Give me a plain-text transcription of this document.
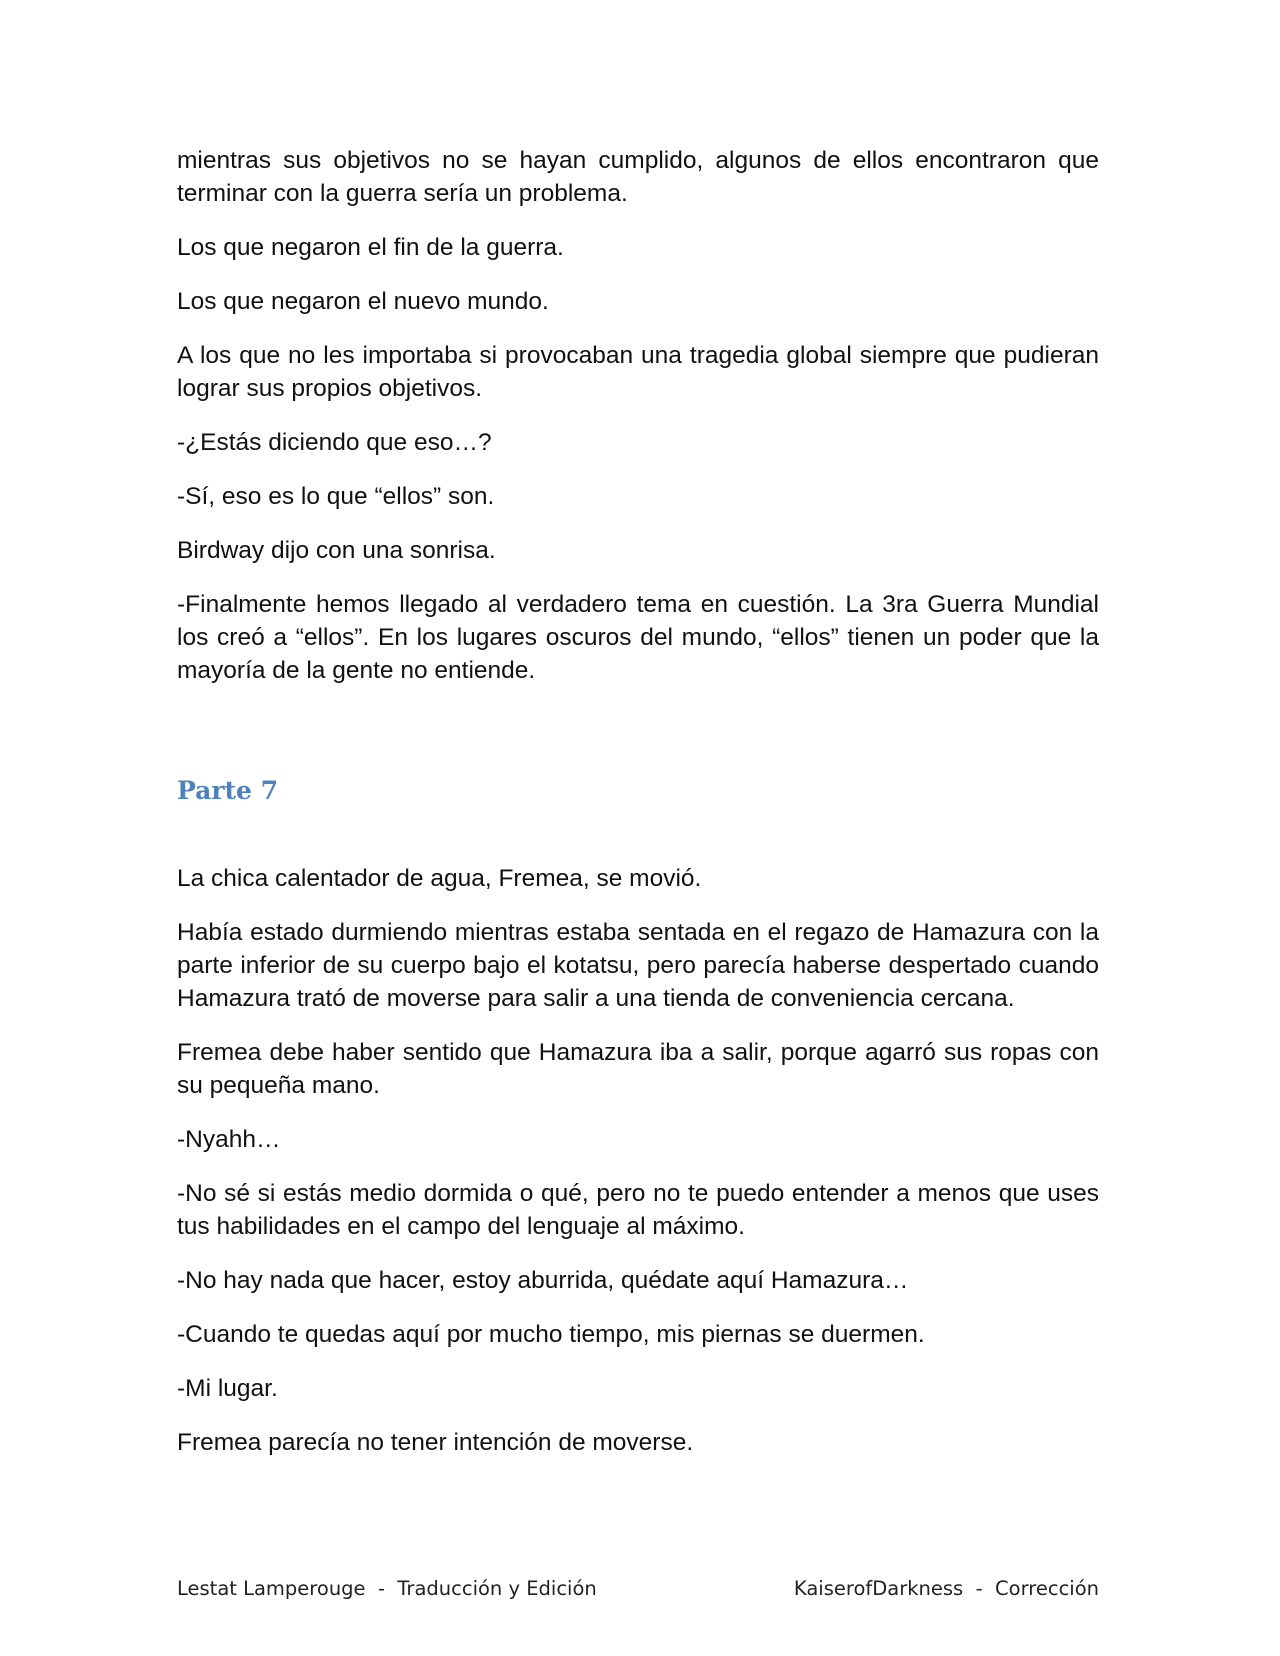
mientras sus objetivos no se hayan cumplido, algunos de ellos encontraron que terminar con la guerra sería un problema.

Los que negaron el fin de la guerra.

Los que negaron el nuevo mundo.

A los que no les importaba si provocaban una tragedia global siempre que pudieran lograr sus propios objetivos.

-¿Estás diciendo que eso…?

-Sí, eso es lo que “ellos” son.

Birdway dijo con una sonrisa.

-Finalmente hemos llegado al verdadero tema en cuestión. La 3ra Guerra Mundial los creó a “ellos”. En los lugares oscuros del mundo, “ellos” tienen un poder que la mayoría de la gente no entiende.

Parte 7

La chica calentador de agua, Fremea, se movió.

Había estado durmiendo mientras estaba sentada en el regazo de Hamazura con la parte inferior de su cuerpo bajo el kotatsu, pero parecía haberse despertado cuando Hamazura trató de moverse para salir a una tienda de conveniencia cercana.

Fremea debe haber sentido que Hamazura iba a salir, porque agarró sus ropas con su pequeña mano.

-Nyahh…

-No sé si estás medio dormida o qué, pero no te puedo entender a menos que uses tus habilidades en el campo del lenguaje al máximo.

-No hay nada que hacer, estoy aburrida, quédate aquí Hamazura…

-Cuando te quedas aquí por mucho tiempo, mis piernas se duermen.

-Mi lugar.

Fremea parecía no tener intención de moverse.

Lestat Lamperouge  -  Traducción y Edición	KaiserofDarkness  -  Corrección
